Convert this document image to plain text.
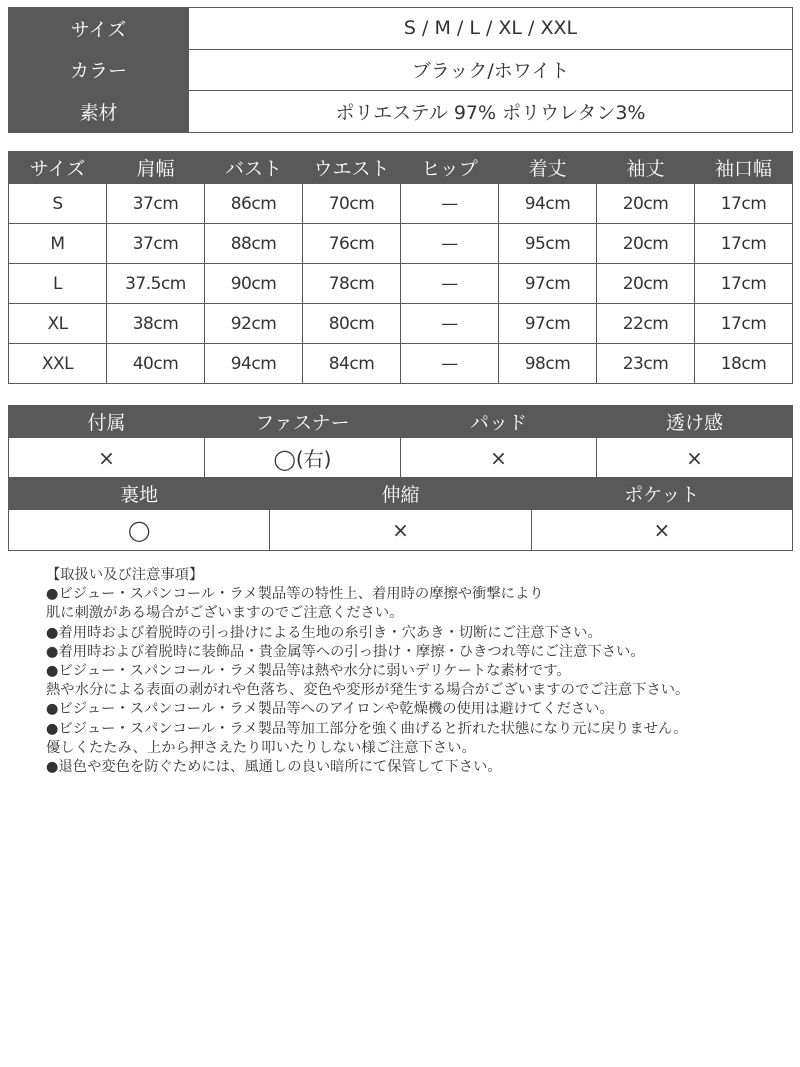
サイズ	S / M / L / XL / XXL
カラー	ブラック/ホワイト
素材	ポリエステル 97% ポリウレタン3%
サイズ	肩幅	バスト	ウエスト	ヒップ	着丈	袖丈	袖口幅
S	37cm	86cm	70cm	—	94cm	20cm	17cm
M	37cm	88cm	76cm	—	95cm	20cm	17cm
L	37.5cm	90cm	78cm	—	97cm	20cm	17cm
XL	38cm	92cm	80cm	—	97cm	22cm	17cm
XXL	40cm	94cm	84cm	—	98cm	23cm	18cm
付属	ファスナー	パッド	透け感
×	◯(右)	×	×
裏地	伸縮	ポケット
◯	×	×
【取扱い及び注意事項】
●ビジュー・スパンコール・ラメ製品等の特性上、着用時の摩擦や衝撃により
肌に刺激がある場合がございますのでご注意ください。
●着用時および着脱時の引っ掛けによる生地の糸引き・穴あき・切断にご注意下さい。
●着用時および着脱時に装飾品・貴金属等への引っ掛け・摩擦・ひきつれ等にご注意下さい。
●ビジュー・スパンコール・ラメ製品等は熱や水分に弱いデリケートな素材です。
熱や水分による表面の剥がれや色落ち、変色や変形が発生する場合がございますのでご注意下さい。
●ビジュー・スパンコール・ラメ製品等へのアイロンや乾燥機の使用は避けてください。
●ビジュー・スパンコール・ラメ製品等加工部分を強く曲げると折れた状態になり元に戻りません。
優しくたたみ、上から押さえたり叩いたりしない様ご注意下さい。
●退色や変色を防ぐためには、風通しの良い暗所にて保管して下さい。
